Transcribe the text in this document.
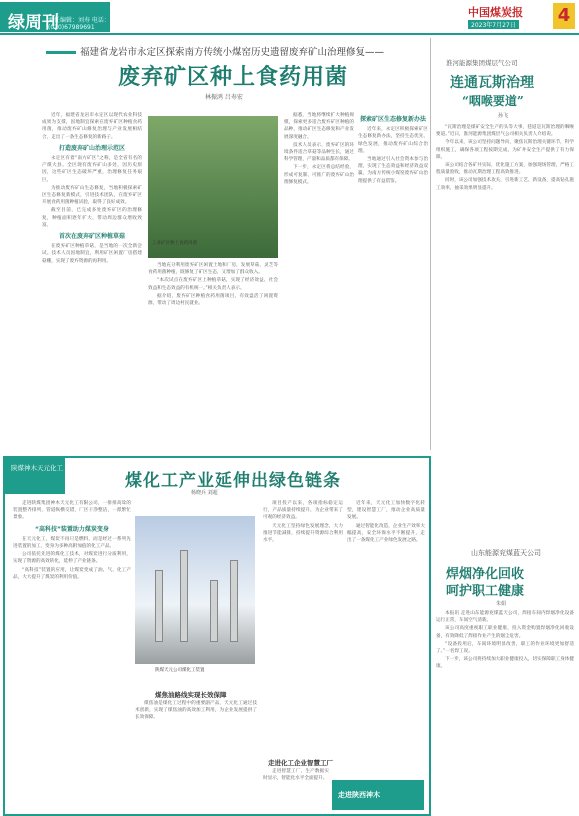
绿周刊
责任编辑：刘寿 电话：(010)67989691
中国煤炭报
2023年7月27日 4
福建省龙岩市永定区探索南方传统小煤窑历史遗留废弃矿山治理修复——
废弃矿区种上食药用菌
林振鸿 吕寿宏

近年，福建省龙岩市永定区以现代农业科技成果为支撑，因地制宜探索在废弃矿区种植食药用菌，推动废弃矿山修复治理与产业发展相结合，走出了一条生态修复的新路子。

打造废弃矿山治理示范区

永定区有着“南方矿区”之称，是全省有名的产煤大县。全区现有废弃矿山多处，因历史原因，这些矿区生态破坏严重，治理修复任务艰巨。

为推动废弃矿山生态修复，当地积极探索矿区生态修复新模式，引进技术团队，在废弃矿区开展食药用菌种植试验，取得了良好成效。

截至目前，已完成多处废弃矿区的治理修复，种植面积逐年扩大，带动周边群众增收致富。

首次在废弃矿区种植草菇

在废弃矿区种植草菇，是当地的一次全新尝试。技术人员因地制宜，利用矿区闲置厂房搭建菇棚，实现了废弃资源的再利用。

工业矿区种上食药用菌

当地充分利用废弃矿区闲置土地和厂房，发展草菇、灵芝等食药用菌种植，既修复了矿区生态，又增加了群众收入。

“本次试点在废弃矿区上种植草菇，实现了经济效益、社会效益和生态效益的有机统一。”相关负责人表示。

据介绍，废弃矿区种植食药用菌项目，有效盘活了闲置资源，带动了周边村民就业。

据悉，当地将继续扩大种植规模，探索更多适合废弃矿区种植的品种，推动矿区生态修复和产业发展深度融合。

技术人员表示，废弃矿区的环境条件适合草菇等品种生长，通过科学管理，产量和品质都有保障。

下一步，永定区将总结经验，形成可复制、可推广的废弃矿山治理修复模式。

探索矿区生态修复新办法

近年来，永定区积极探索矿区生态修复新办法，坚持生态优先、绿色发展，推动废弃矿山综合治理。

当地通过引入社会资本参与治理，实现了生态效益和经济效益双赢，为南方传统小煤窑废弃矿山治理提供了有益借鉴。

淮河能源集团煤层气公司
连通瓦斯治理
“咽喉要道”
孙飞

“瓦斯治理是煤矿安全生产的头等大事，巷道是瓦斯治理的咽喉要道。”近日，淮河能源集团煤层气公司相关负责人介绍说。

今年以来，该公司坚持问题导向，聚焦瓦斯治理关键环节，科学组织施工，确保各项工程按期完成，为矿井安全生产提供了有力保障。

该公司结合各矿井实际，优化施工方案，加强现场管理，严格工程质量验收，推动瓦斯治理工程高效推进。

同时，该公司加强技术攻关，引进新工艺、新设备，提高钻孔施工效率，抽采效果明显提升。

陕煤神木天元化工
煤化工产业延伸出绿色链条
杨晓兵 刘超

走进陕煤集团神木天元化工有限公司，一排排高耸的装置整齐排列，管道纵横交错，厂区干净整洁，一派繁忙景象。

“高科技”装置助力煤炭变身

在天元化工，煤炭不再只是燃料，而是经过一系列先进装置的加工，变身为多种高附加值的化工产品。

公司依托先进的煤化工技术，对煤炭进行分质利用，实现了资源的高效转化，延伸了产业链条。

“高科技”装置的应用，让煤炭变成了油、气、化工产品，大大提升了煤炭的利用价值。

陕煤天元公司煤化工装置
煤焦油路线实现长效保障

煤焦油是煤化工过程中的重要副产品，天元化工通过技术创新，实现了煤焦油的高效加工利用，为企业发展提供了长效保障。

项目投产以来，各项指标稳定运行，产品质量持续提升，为企业带来了可观的经济效益。

天元化工坚持绿色发展理念，大力推进节能减排，持续提升资源综合利用水平。

走进化工企业智慧工厂

走进智慧工厂，生产数据实时显示，智能化水平全面提升。

近年来，天元化工加快数字化转型，建设智慧工厂，推动企业高质量发展。

通过智能化改造，企业生产效率大幅提高，安全环保水平不断提升，走出了一条煤化工产业绿色发展之路。

走进陕西神木
山东能源兖煤蓝天公司
焊烟净化回收
呵护职工健康
朱娟

本报讯 走进山东能源兖煤蓝天公司，焊接车间内焊烟净化设备运行正常，车间空气清新。

该公司高度重视职工职业健康，投入资金购置焊烟净化回收设备，有效降低了焊接作业产生的烟尘危害。

“设备投用后，车间环境明显改善，职工的作业环境更加舒适了。”一名焊工说。

下一步，该公司将持续加大职业健康投入，切实保障职工身体健康。
